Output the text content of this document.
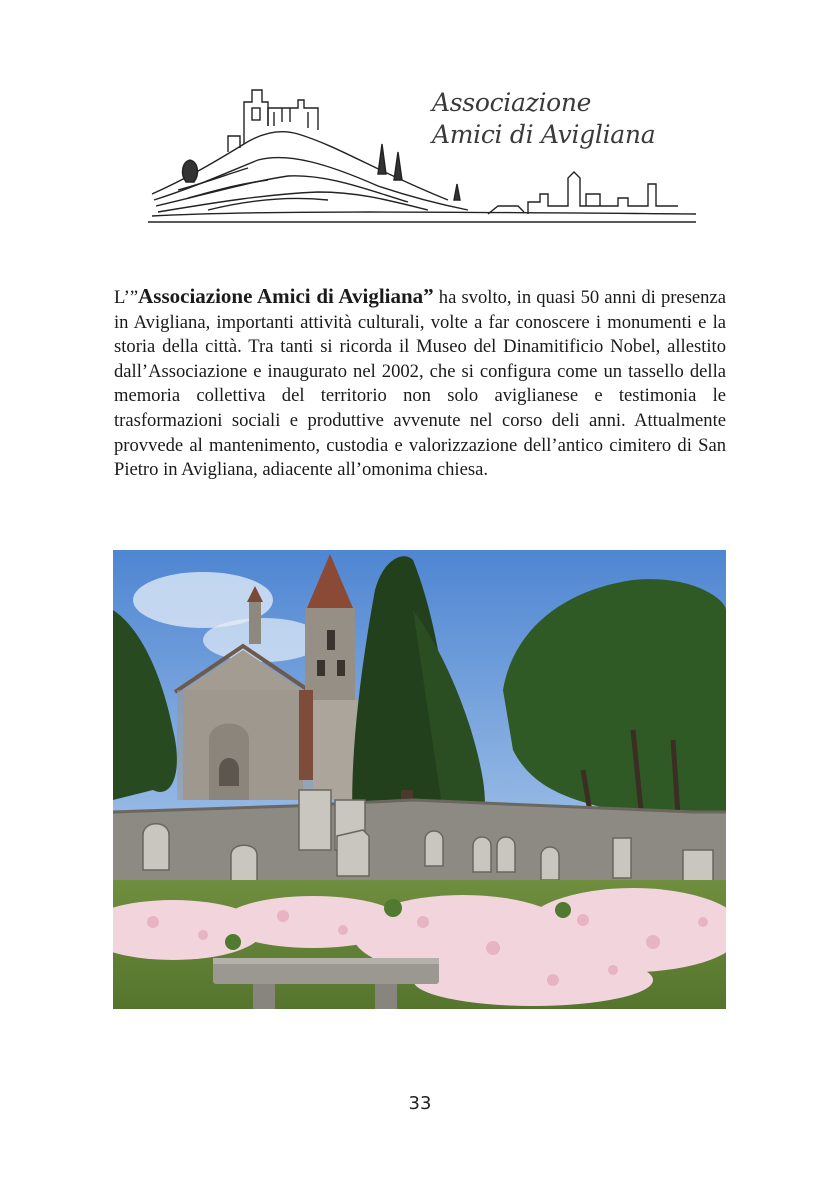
Associazione
Amici di Avigliana

L’”Associazione Amici di Avigliana” ha svolto, in quasi 50 anni di presenza in Avigliana, importanti attività culturali, volte a far conoscere i monumenti e la storia della città. Tra tanti si ricorda il Museo del Dinamitificio Nobel, allestito dall’Associazione e inaugurato nel 2002, che si configura come un tassello della memoria collettiva del territorio non solo aviglianese e testimonia le trasformazioni sociali e produttive avvenute nel corso deli anni. Attualmente provvede al mantenimento, custodia e valorizzazione dell’antico cimitero di San Pietro in Avigliana, adiacente all’omonima chiesa.

33
